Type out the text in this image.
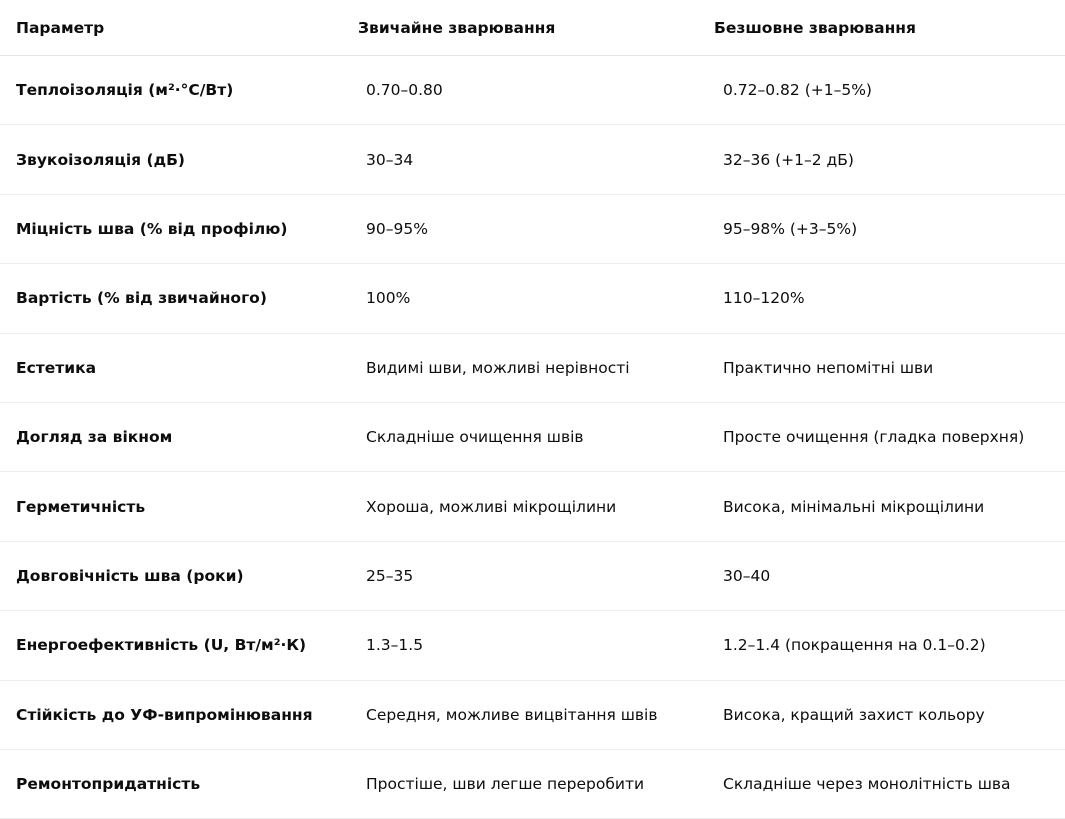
Параметр	Звичайне зварювання	Безшовне зварювання
Теплоізоляція (м²·°C/Вт)	0.70–0.80	0.72–0.82 (+1–5%)
Звукоізоляція (дБ)	30–34	32–36 (+1–2 дБ)
Міцність шва (% від профілю)	90–95%	95–98% (+3–5%)
Вартість (% від звичайного)	100%	110–120%
Естетика	Видимі шви, можливі нерівності	Практично непомітні шви
Догляд за вікном	Складніше очищення швів	Просте очищення (гладка поверхня)
Герметичність	Хороша, можливі мікрощілини	Висока, мінімальні мікрощілини
Довговічність шва (роки)	25–35	30–40
Енергоефективність (U, Вт/м²·К)	1.3–1.5	1.2–1.4 (покращення на 0.1–0.2)
Стійкість до УФ-випромінювання	Середня, можливе вицвітання швів	Висока, кращий захист кольору
Ремонтопридатність	Простіше, шви легше переробити	Складніше через монолітність шва
